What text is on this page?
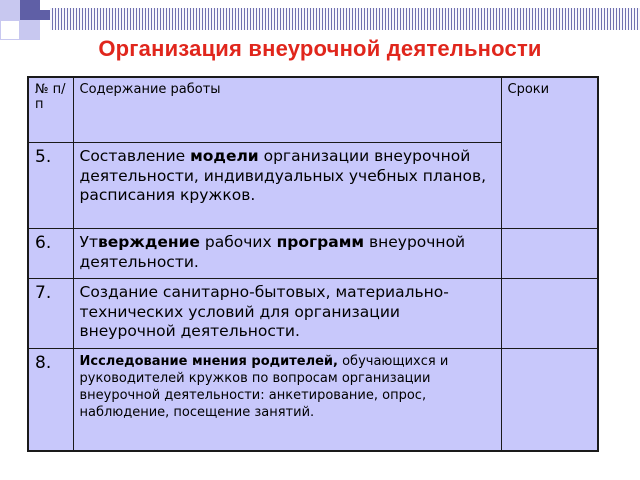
Организация внеурочной деятельности
№ п/п	Содержание работы	Сроки
5.	Составление модели организации внеурочной деятельности, индивидуальных учебных планов, расписания кружков.	
6.	Утверждение рабочих программ внеурочной деятельности.	
7.	Создание санитарно-бытовых, материально-технических условий для организации внеурочной деятельности.	
8.	Исследование мнения родителей, обучающихся и руководителей кружков по вопросам организации внеурочной деятельности: анкетирование, опрос, наблюдение, посещение занятий.	
